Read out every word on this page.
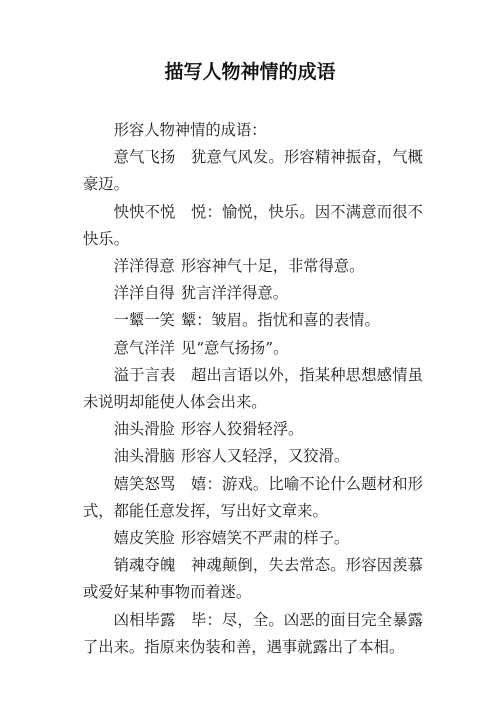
描写人物神情的成语

形容人物神情的成语：

意气飞扬 犹意气风发。形容精神振奋，气概豪迈。

怏怏不悦 悦：愉悦，快乐。因不满意而很不快乐。

洋洋得意 形容神气十足，非常得意。

洋洋自得 犹言洋洋得意。

一颦一笑 颦：皱眉。指忧和喜的表情。

意气洋洋 见“意气扬扬”。

溢于言表 超出言语以外，指某种思想感情虽未说明却能使人体会出来。

油头滑脸 形容人狡猾轻浮。

油头滑脑 形容人又轻浮，又狡滑。

嬉笑怒骂 嬉：游戏。比喻不论什么题材和形式，都能任意发挥，写出好文章来。

嬉皮笑脸 形容嬉笑不严肃的样子。

销魂夺魄 神魂颠倒，失去常态。形容因羡慕或爱好某种事物而着迷。

凶相毕露 毕：尽，全。凶恶的面目完全暴露了出来。指原来伪装和善，遇事就露出了本相。
